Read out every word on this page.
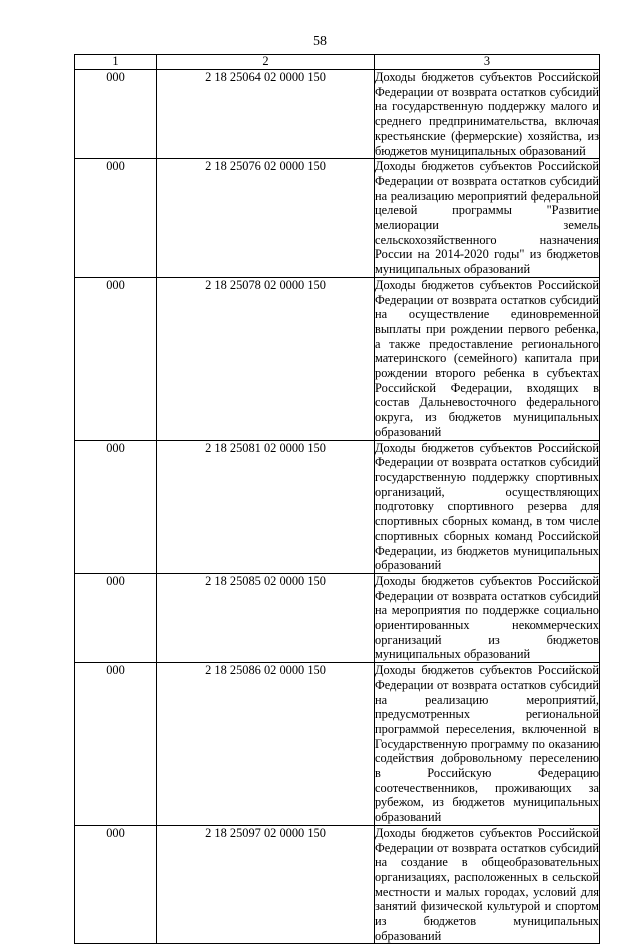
58
1	2	3
000	2 18 25064 02 0000 150	Доходы бюджетов субъектов Российской Федерации от возврата остатков субсидий на государственную поддержку малого и среднего предпринимательства, включая крестьянские (фермерские) хозяйства, из бюджетов муниципальных образований
000	2 18 25076 02 0000 150	Доходы бюджетов субъектов Российской Федерации от возврата остатков субсидий на реализацию мероприятий федеральной целевой программы "Развитие мелиорации земель сельскохозяйственного назначения России на 2014-2020 годы" из бюджетов муниципальных образований
000	2 18 25078 02 0000 150	Доходы бюджетов субъектов Российской Федерации от возврата остатков субсидий на осуществление единовременной выплаты при рождении первого ребенка, а также предоставление регионального материнского (семейного) капитала при рождении второго ребенка в субъектах Российской Федерации, входящих в состав Дальневосточного федерального округа, из бюджетов муниципальных образований
000	2 18 25081 02 0000 150	Доходы бюджетов субъектов Российской Федерации от возврата остатков субсидий государственную поддержку спортивных организаций, осуществляющих подготовку спортивного резерва для спортивных сборных команд, в том числе спортивных сборных команд Российской Федерации, из бюджетов муниципальных образований
000	2 18 25085 02 0000 150	Доходы бюджетов субъектов Российской Федерации от возврата остатков субсидий на мероприятия по поддержке социально ориентированных некоммерческих организаций из бюджетов муниципальных образований
000	2 18 25086 02 0000 150	Доходы бюджетов субъектов Российской Федерации от возврата остатков субсидий на реализацию мероприятий, предусмотренных региональной программой переселения, включенной в Государственную программу по оказанию содействия добровольному переселению в Российскую Федерацию соотечественников, проживающих за рубежом, из бюджетов муниципальных образований
000	2 18 25097 02 0000 150	Доходы бюджетов субъектов Российской Федерации от возврата остатков субсидий на создание в общеобразовательных организациях, расположенных в сельской местности и малых городах, условий для занятий физической культурой и спортом из бюджетов муниципальных образований
